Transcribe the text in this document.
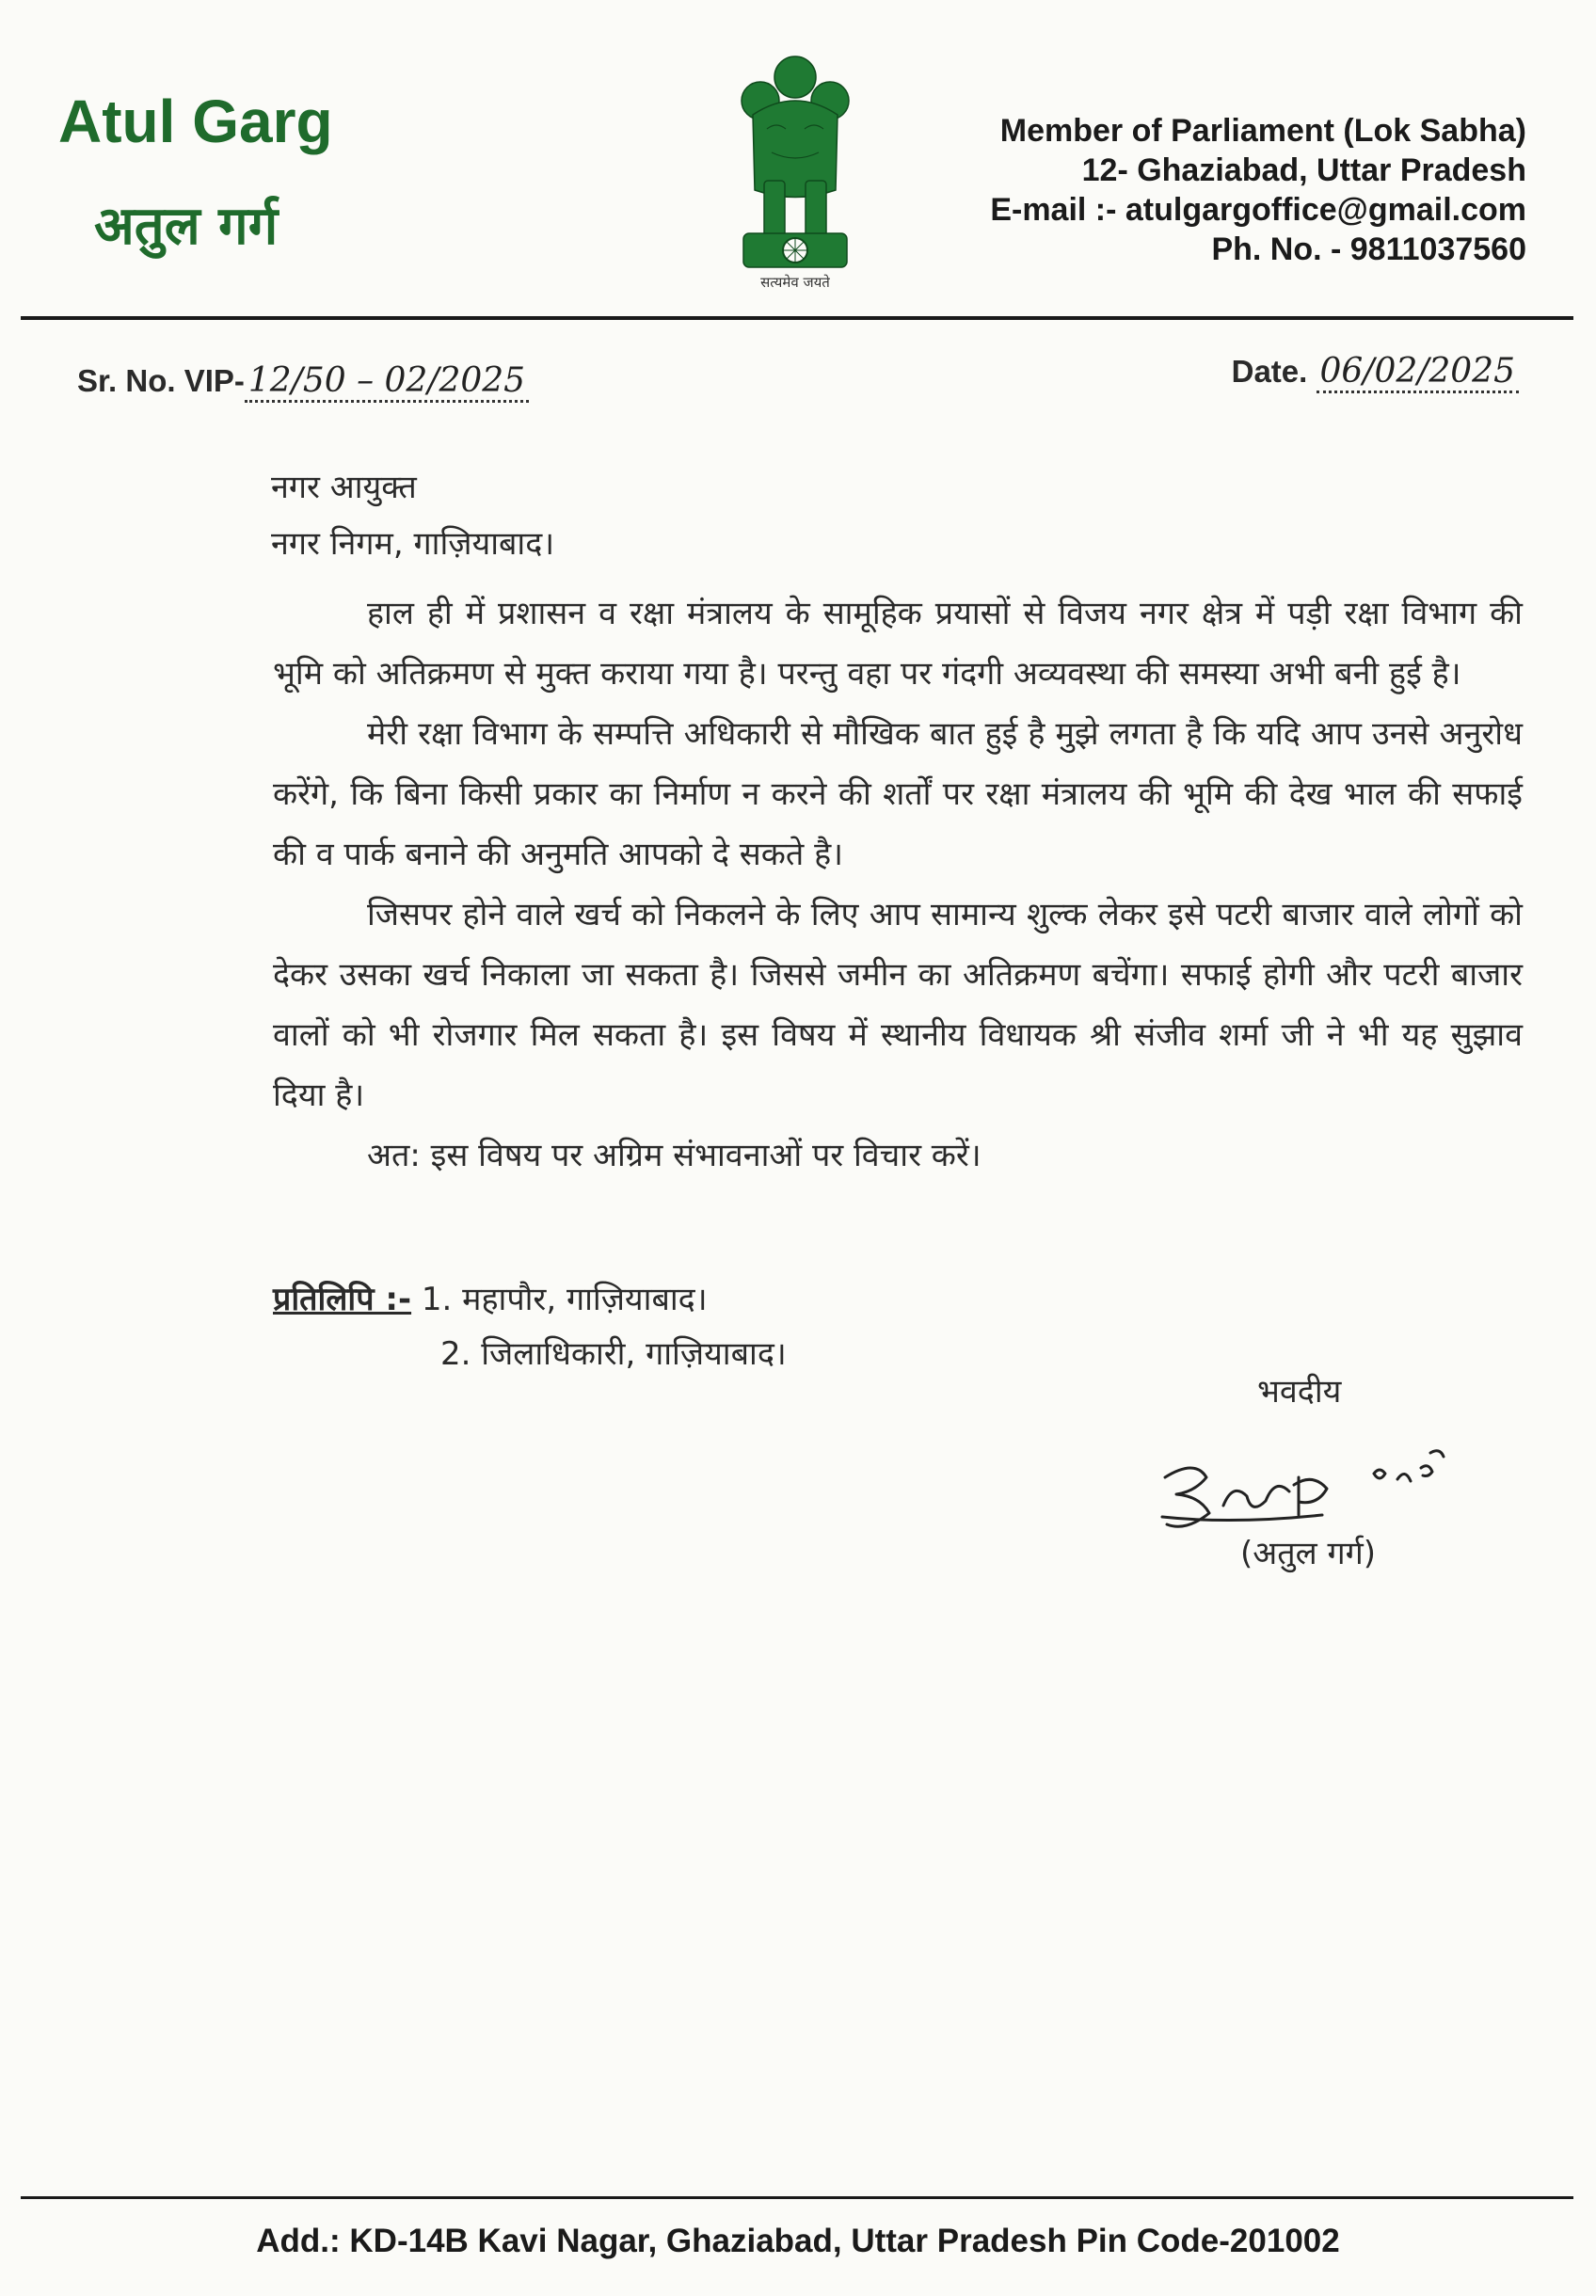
Atul Garg
अतुल गर्ग
सत्यमेव जयते
Member of Parliament (Lok Sabha)
12- Ghaziabad, Uttar Pradesh
E-mail :- atulgargoffice@gmail.com
Ph. No. - 9811037560
Sr. No. VIP- 12/50 – 02/2025	Date. 06/02/2025
नगर आयुक्त
नगर निगम, गाज़ियाबाद।

हाल ही में प्रशासन व रक्षा मंत्रालय के सामूहिक प्रयासों से विजय नगर क्षेत्र में पड़ी रक्षा विभाग की भूमि को अतिक्रमण से मुक्त कराया गया है। परन्तु वहा पर गंदगी अव्यवस्था की समस्या अभी बनी हुई है।

मेरी रक्षा विभाग के सम्पत्ति अधिकारी से मौखिक बात हुई है मुझे लगता है कि यदि आप उनसे अनुरोध करेंगे, कि बिना किसी प्रकार का निर्माण न करने की शर्तों पर रक्षा मंत्रालय की भूमि की देख भाल की सफाई की व पार्क बनाने की अनुमति आपको दे सकते है।

जिसपर होने वाले खर्च को निकलने के लिए आप सामान्य शुल्क लेकर इसे पटरी बाजार वाले लोगों को देकर उसका खर्च निकाला जा सकता है। जिससे जमीन का अतिक्रमण बचेंगा। सफाई होगी और पटरी बाजार वालों को भी रोजगार मिल सकता है। इस विषय में स्थानीय विधायक श्री संजीव शर्मा जी ने भी यह सुझाव दिया है।

अत: इस विषय पर अग्रिम संभावनाओं पर विचार करें।

प्रतिलिपि :- 1. महापौर, गाज़ियाबाद।
2. जिलाधिकारी, गाज़ियाबाद।
भवदीय
(अतुल गर्ग)
Add.: KD-14B Kavi Nagar, Ghaziabad, Uttar Pradesh Pin Code-201002
